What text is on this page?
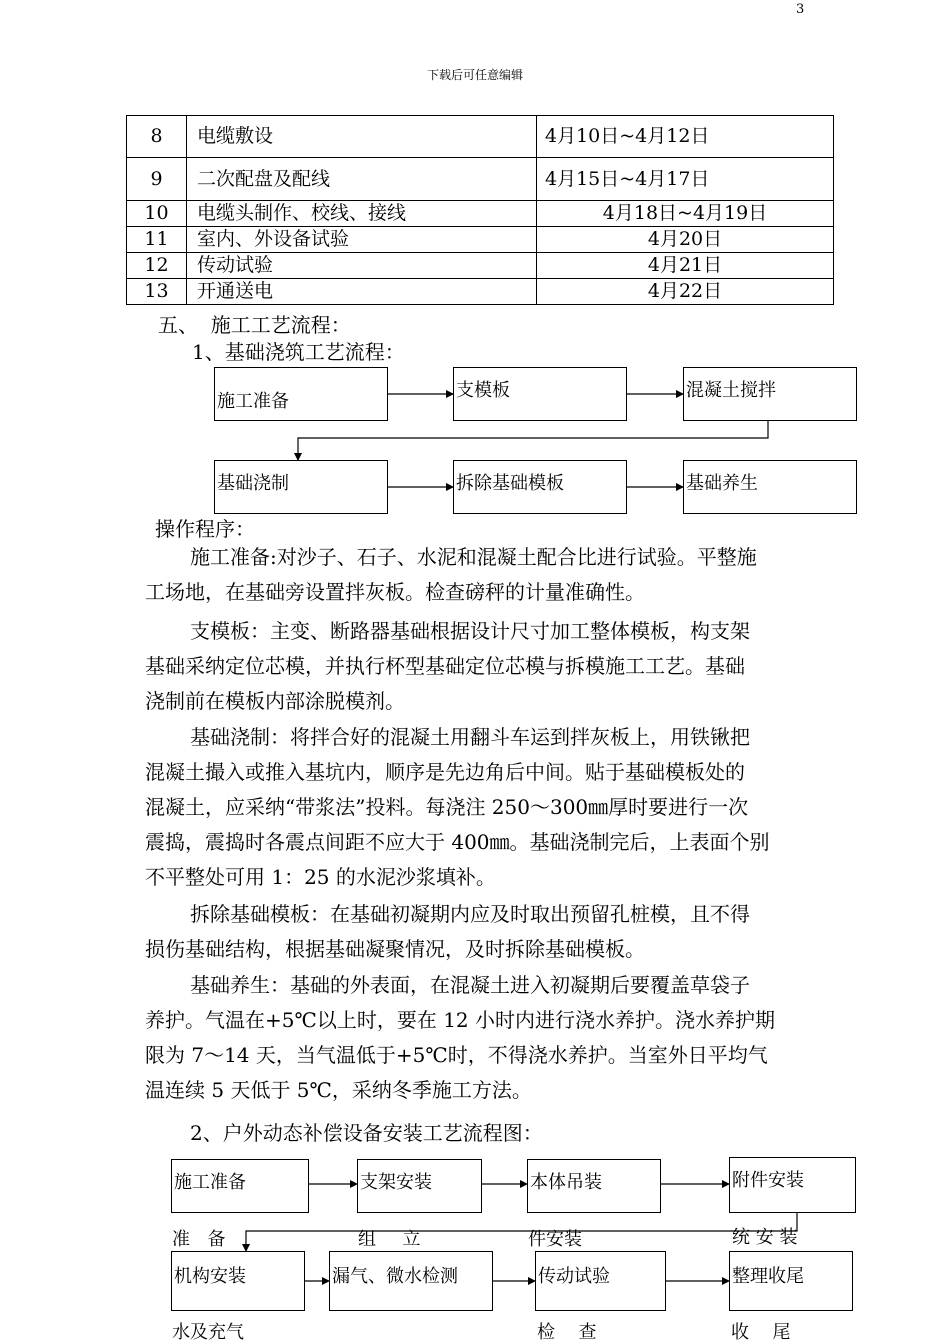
3
下载后可任意编辑
8	电缆敷设	4月10日~4月12日
9	二次配盘及配线	4月15日~4月17日
10	电缆头制作、校线、接线	4月18日~4月19日
11	室内、外设备试验	4月20日
12	传动试验	4月21日
13	开通送电	4月22日
五、  施工工艺流程：
1、基础浇筑工艺流程：
施工准备
支模板	混凝土搅拌
基础浇制	拆除基础模板	基础养生
操作程序：
施工准备:对沙子、石子、水泥和混凝土配合比进行试验。平整施
工场地，在基础旁设置拌灰板。检查磅秤的计量准确性。
支模板：主变、断路器基础根据设计尺寸加工整体模板，构支架
基础采纳定位芯模，并执行杯型基础定位芯模与拆模施工工艺。基础
浇制前在模板内部涂脱模剂。
基础浇制：将拌合好的混凝土用翻斗车运到拌灰板上，用铁锹把
混凝土撮入或推入基坑内，顺序是先边角后中间。贴于基础模板处的
混凝土，应采纳“带浆法”投料。每浇注 250～300㎜厚时要进行一次
震捣，震捣时各震点间距不应大于 400㎜。基础浇制完后，上表面个别
不平整处可用 1：25 的水泥沙浆填补。
拆除基础模板：在基础初凝期内应及时取出预留孔桩模，且不得
损伤基础结构，根据基础凝聚情况，及时拆除基础模板。
基础养生：基础的外表面，在混凝土进入初凝期后要覆盖草袋子
养护。气温在+5℃以上时，要在 12 小时内进行浇水养护。浇水养护期
限为 7～14 天，当气温低于+5℃时，不得浇水养护。当室外日平均气
温连续 5 天低于 5℃，采纳冬季施工方法。
2、户外动态补偿设备安装工艺流程图：
施工准备	支架安装	本体吊装	附件安装
准  备	组  立	件安装	统 安 装
机构安装	漏气、微水检测	传动试验	整理收尾
水及充气	检  查	收  尾
